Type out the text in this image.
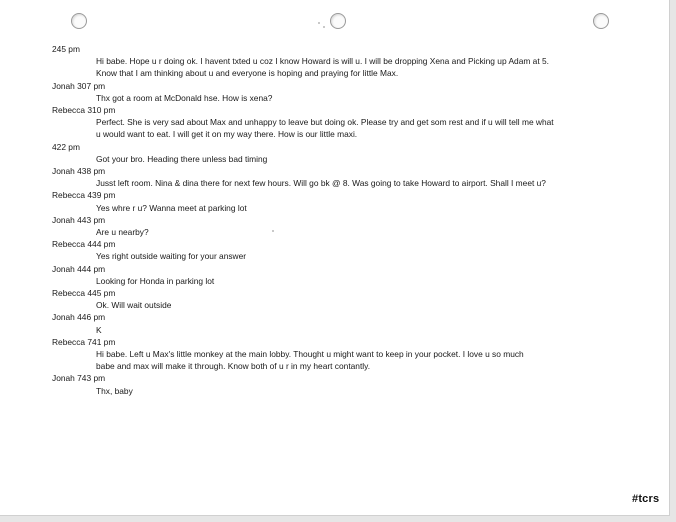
245 pm
Hi babe. Hope u r doing ok. I havent txted u coz I know Howard is will u. I will be dropping Xena and Picking up Adam at 5.
Know that I am thinking about u and everyone is hoping and praying for little Max.
Jonah 307 pm
Thx got a room at McDonald hse. How is xena?
Rebecca 310 pm
Perfect. She is very sad about Max and unhappy to leave but doing ok. Please try and get som rest and if u will tell me what
u would want to eat. I will get it on my way there. How is our little maxi.
422 pm
Got your bro. Heading there unless bad timing
Jonah 438 pm
Jusst left room. Nina & dina there for next few hours. Will go bk @ 8. Was going to take Howard to airport. Shall I meet u?
Rebecca 439 pm
Yes whre r u? Wanna meet at parking lot
Jonah 443 pm
Are u nearby?
Rebecca 444 pm
Yes right outside waiting for your answer
Jonah 444 pm
Looking for Honda in parking lot
Rebecca 445 pm
Ok. Will wait outside
Jonah 446 pm
K
Rebecca 741 pm
Hi babe. Left u Max's little monkey at the main lobby. Thought u might want to keep in your pocket. I love u so much
babe and max will make it through. Know both of u r in my heart contantly.
Jonah 743 pm
Thx, baby
#tcrs
